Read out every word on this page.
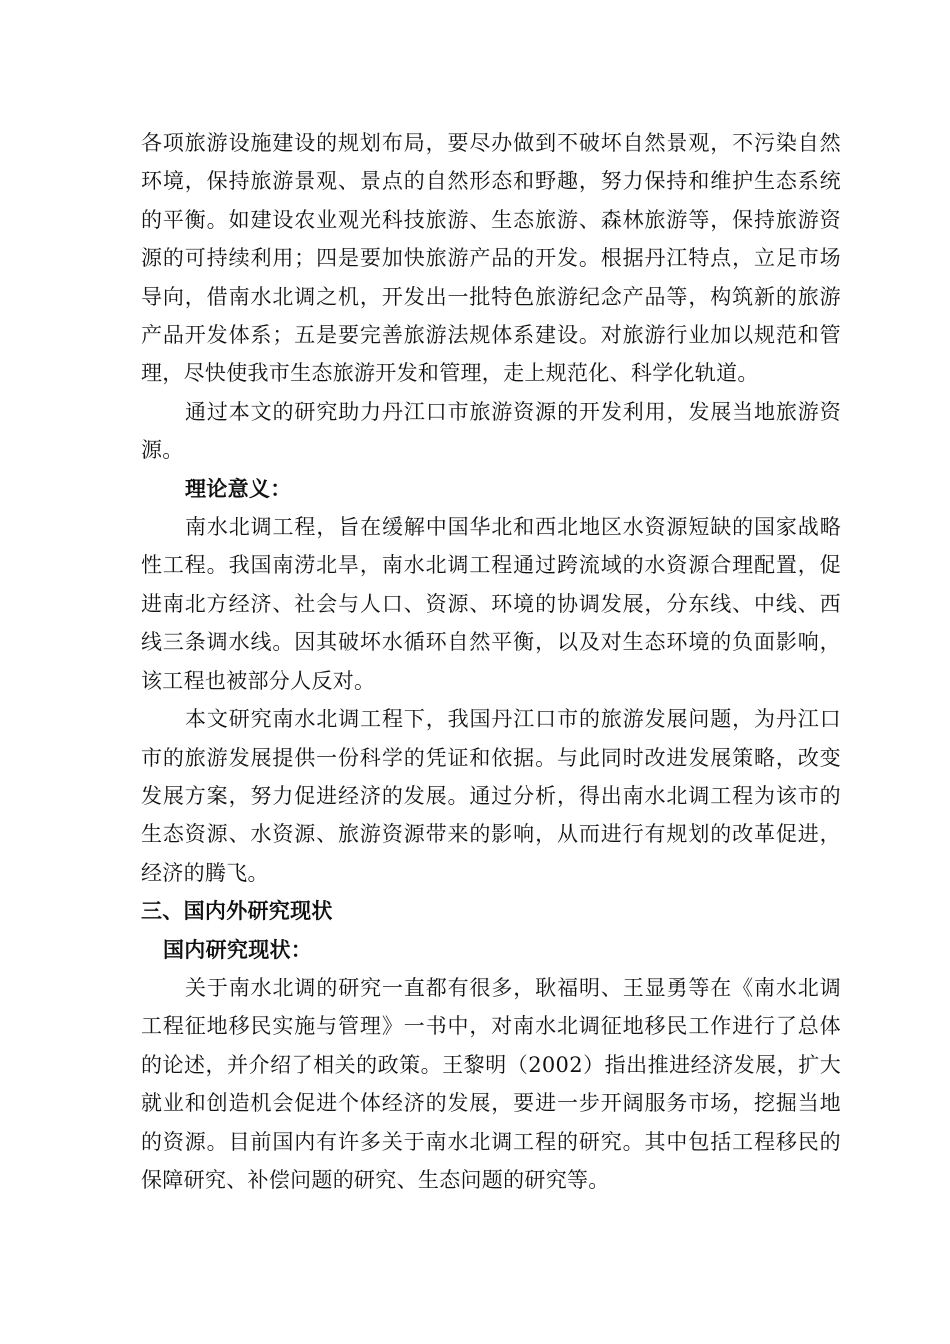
各项旅游设施建设的规划布局，要尽办做到不破坏自然景观，不污染自然环境，保持旅游景观、景点的自然形态和野趣，努力保持和维护生态系统的平衡。如建设农业观光科技旅游、生态旅游、森林旅游等，保持旅游资源的可持续利用；四是要加快旅游产品的开发。根据丹江特点，立足市场导向，借南水北调之机，开发出一批特色旅游纪念产品等，构筑新的旅游产品开发体系；五是要完善旅游法规体系建设。对旅游行业加以规范和管理，尽快使我市生态旅游开发和管理，走上规范化、科学化轨道。

通过本文的研究助力丹江口市旅游资源的开发利用，发展当地旅游资源。

理论意义：

南水北调工程，旨在缓解中国华北和西北地区水资源短缺的国家战略性工程。我国南涝北旱，南水北调工程通过跨流域的水资源合理配置，促进南北方经济、社会与人口、资源、环境的协调发展，分东线、中线、西线三条调水线。因其破坏水循环自然平衡，以及对生态环境的负面影响，该工程也被部分人反对。

本文研究南水北调工程下，我国丹江口市的旅游发展问题，为丹江口市的旅游发展提供一份科学的凭证和依据。与此同时改进发展策略，改变发展方案，努力促进经济的发展。通过分析，得出南水北调工程为该市的生态资源、水资源、旅游资源带来的影响，从而进行有规划的改革促进，经济的腾飞。

三、国内外研究现状

国内研究现状：

关于南水北调的研究一直都有很多，耿福明、王显勇等在《南水北调工程征地移民实施与管理》一书中，对南水北调征地移民工作进行了总体的论述，并介绍了相关的政策。王黎明（2002）指出推进经济发展，扩大就业和创造机会促进个体经济的发展，要进一步开阔服务市场，挖掘当地的资源。目前国内有许多关于南水北调工程的研究。其中包括工程移民的保障研究、补偿问题的研究、生态问题的研究等。
